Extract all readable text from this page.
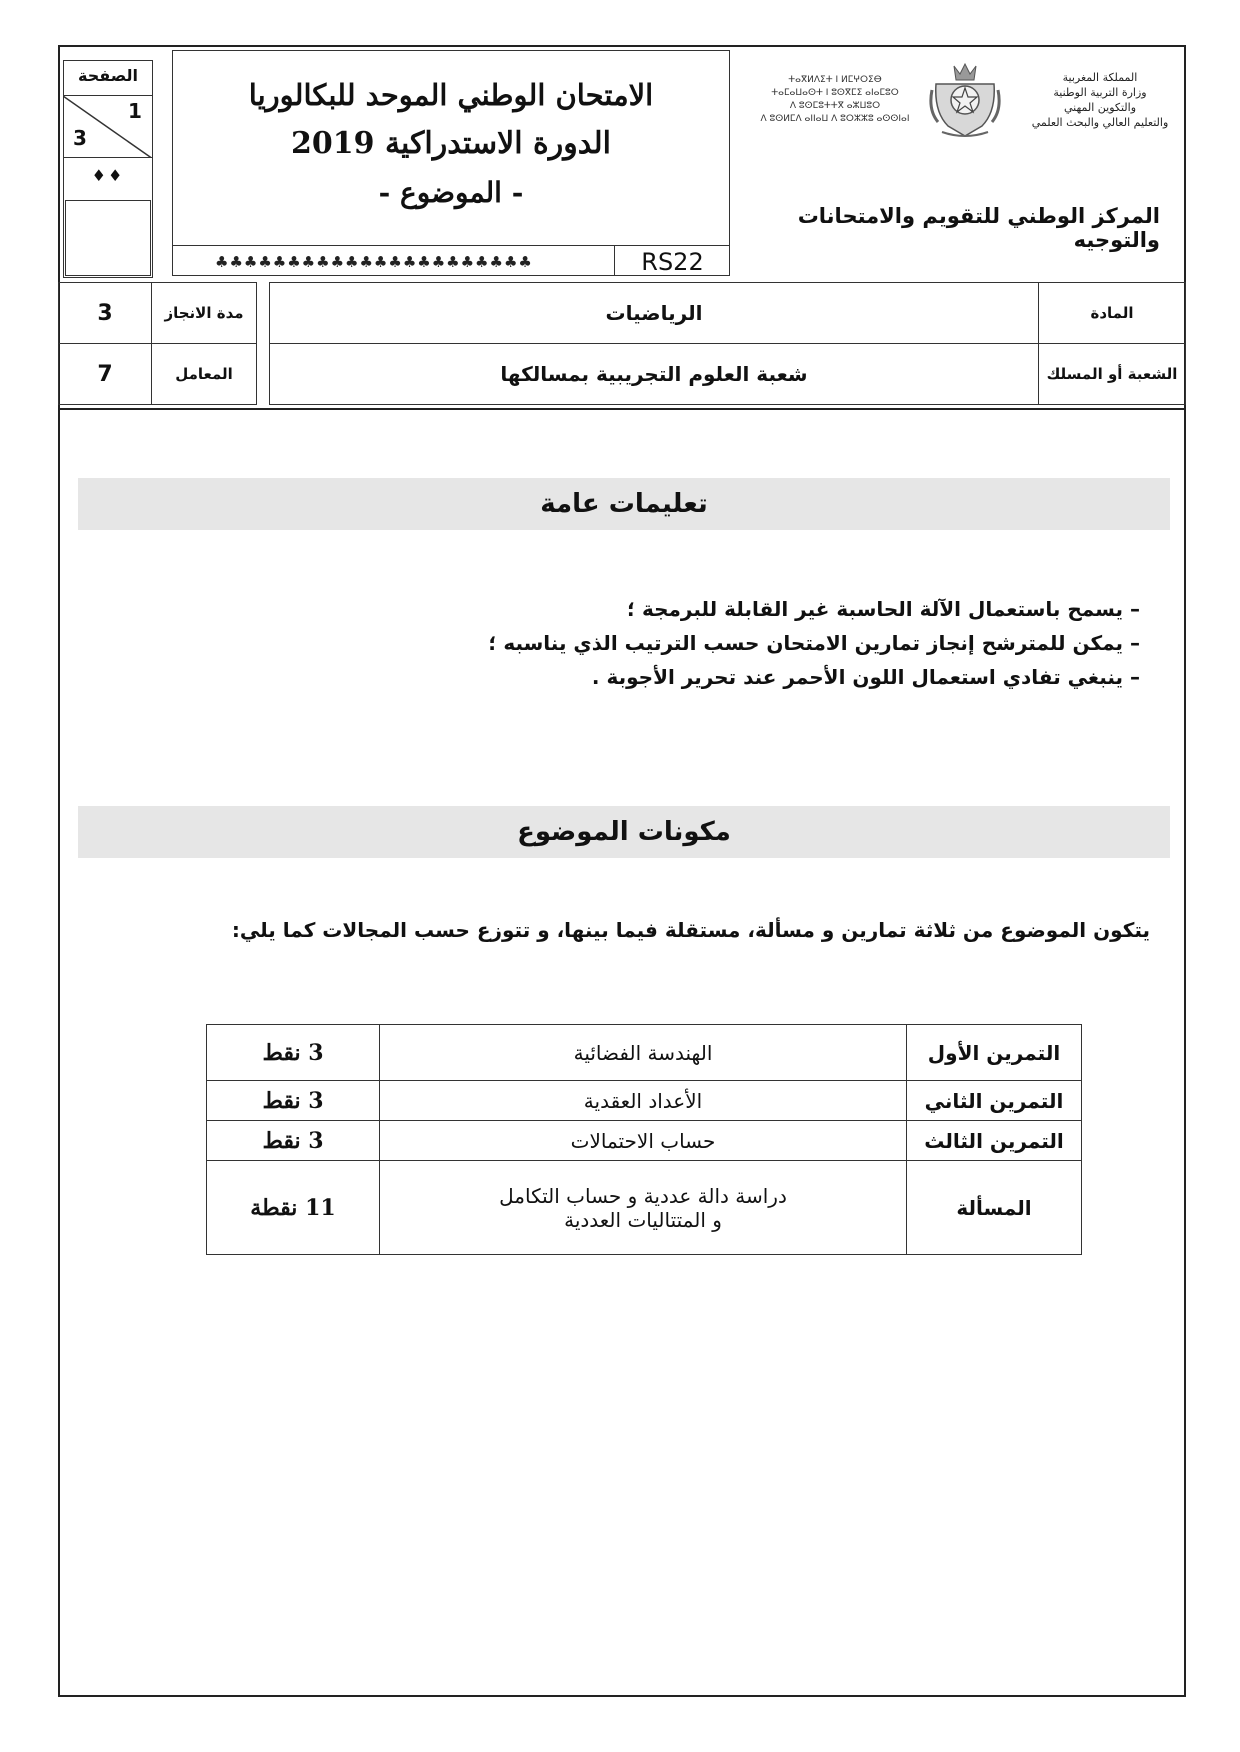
الصفحة
1
3
♦♦
الامتحان الوطني الموحد للبكالوريا
الدورة الاستدراكية 2019
- الموضوع -
♣♣♣♣♣♣♣♣♣♣♣♣♣♣♣♣♣♣♣♣♣♣	RS22
ⵜⴰⴳⵍⴷⵉⵜ ⵏ ⵍⵎⵖⵔⵉⴱ
ⵜⴰⵎⴰⵡⴰⵙⵜ ⵏ ⵓⵙⴳⵎⵉ ⴰⵏⴰⵎⵓⵔ
ⴷ ⵓⵙⵎⵓⵜⵜⴳ ⴰⵣⵡⵓⵔ
ⴷ ⵓⵙⵍⵎⴷ ⴰⵏⵏⴰⵡ ⴷ ⵓⵔⵣⵣⵓ ⴰⵙⵙⵏⴰⵏ
المملكة المغربية
وزارة التربية الوطنية
والتكوين المهني
والتعليم العالي والبحث العلمي
المركز الوطني للتقويم والامتحانات والتوجيه
3	مدة الانجاز		الرياضيات	المادة
7	المعامل		شعبة العلوم التجريبية بمسالكها	الشعبة أو المسلك
تعليمات عامة
– يسمح باستعمال الآلة الحاسبة غير القابلة للبرمجة ؛
– يمكن للمترشح إنجاز تمارين الامتحان حسب الترتيب الذي يناسبه ؛
– ينبغي تفادي استعمال اللون الأحمر عند تحرير الأجوبة .
مكونات الموضوع
يتكون الموضوع من ثلاثة تمارين و مسألة، مستقلة فيما بينها، و تتوزع حسب المجالات كما يلي:
التمرين الأول	الهندسة الفضائية	3 نقط
التمرين الثاني	الأعداد العقدية	3 نقط
التمرين الثالث	حساب الاحتمالات	3 نقط
المسألة	دراسة دالة عددية و حساب التكامل
و المتتاليات العددية	11 نقطة
